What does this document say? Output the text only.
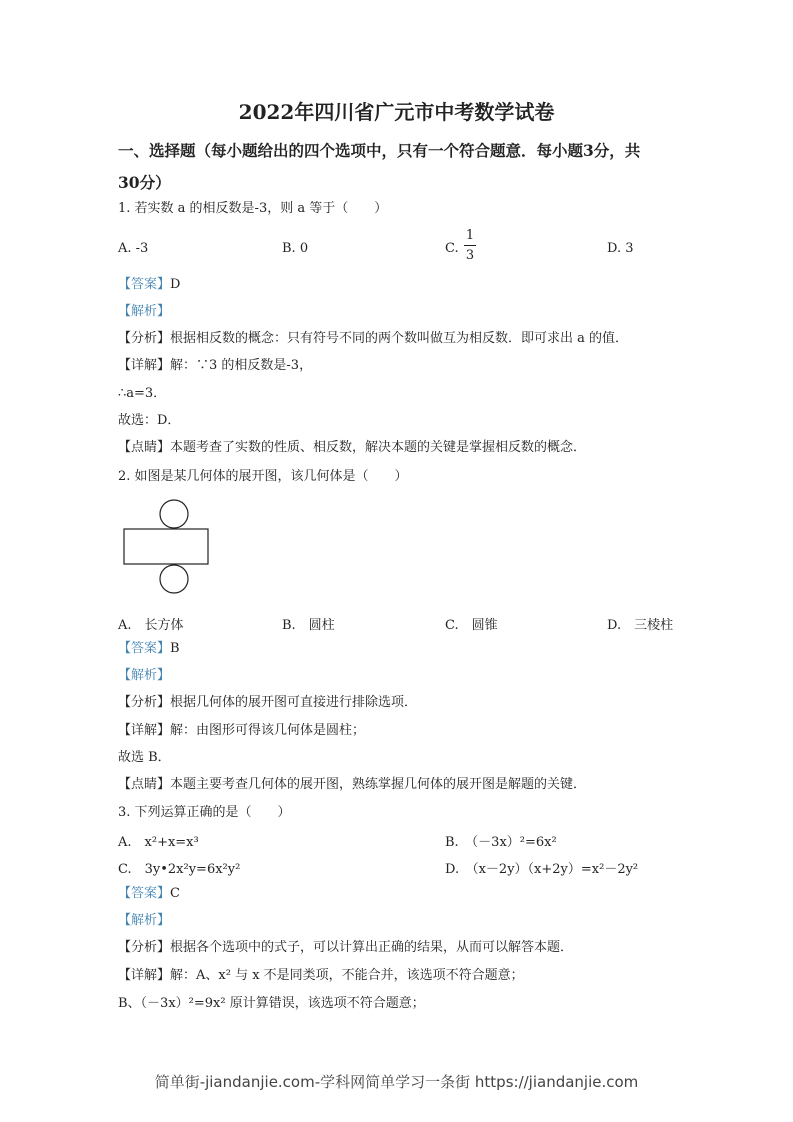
2022年四川省广元市中考数学试卷
一、选择题（每小题给出的四个选项中，只有一个符合题意．每小题3分，共
30分）
1. 若实数 a 的相反数是-3，则 a 等于（　　）
A. -3	B. 0	C.
1
3	D. 3
【答案】D
【解析】
【分析】根据相反数的概念：只有符号不同的两个数叫做互为相反数．即可求出 a 的值．
【详解】解：∵3 的相反数是-3，
∴a=3．
故选：D．
【点睛】本题考查了实数的性质、相反数，解决本题的关键是掌握相反数的概念．
2. 如图是某几何体的展开图，该几何体是（　　）
A.　长方体	B.　圆柱	C.　圆锥	D.　三棱柱
【答案】B
【解析】
【分析】根据几何体的展开图可直接进行排除选项．
【详解】解：由图形可得该几何体是圆柱；
故选 B．
【点睛】本题主要考查几何体的展开图，熟练掌握几何体的展开图是解题的关键．
3. 下列运算正确的是（　　）
A.　x²+x=x³	B.　（－3x）²=6x²
C.　3y•2x²y=6x²y²	D.　（x－2y）（x+2y）=x²－2y²
【答案】C
【解析】
【分析】根据各个选项中的式子，可以计算出正确的结果，从而可以解答本题．
【详解】解：A、x² 与 x 不是同类项，不能合并，该选项不符合题意；
B、（－3x）²=9x² 原计算错误，该选项不符合题意；
简单街-jiandanjie.com-学科网简单学习一条街 https://jiandanjie.com
